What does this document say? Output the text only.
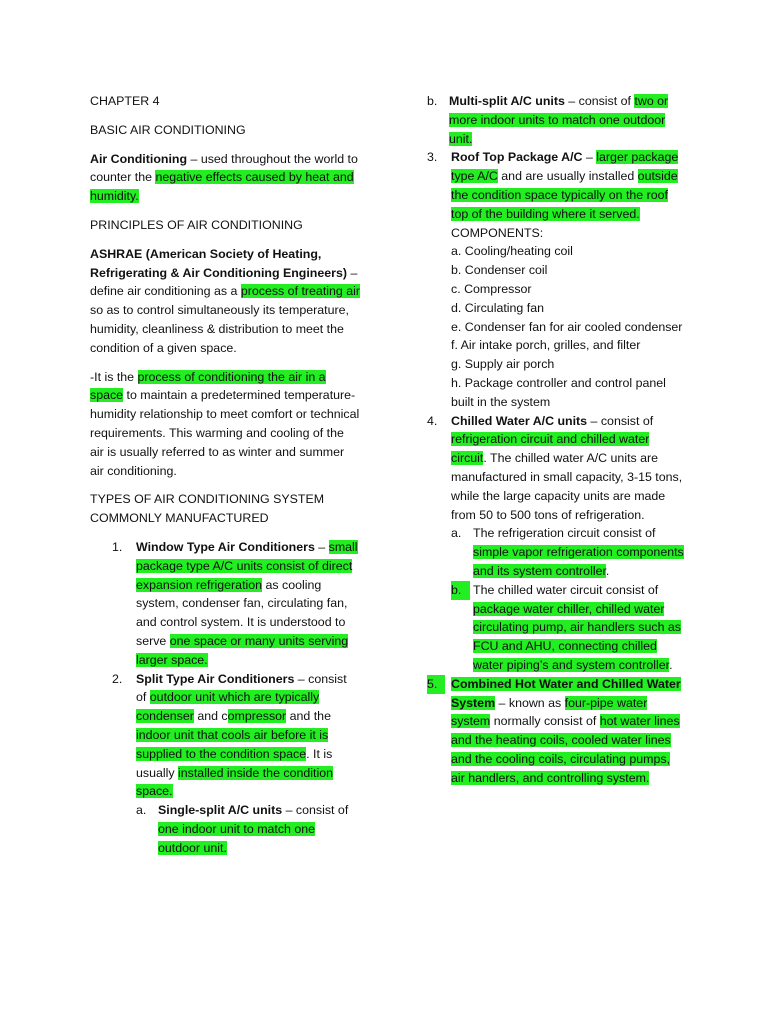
CHAPTER 4

BASIC AIR CONDITIONING

Air Conditioning – used throughout the world to counter the negative effects caused by heat and humidity.

PRINCIPLES OF AIR CONDITIONING

ASHRAE (American Society of Heating, Refrigerating & Air Conditioning Engineers) – define air conditioning as a process of treating air so as to control simultaneously its temperature, humidity, cleanliness & distribution to meet the condition of a given space.

-It is the process of conditioning the air in a space to maintain a predetermined temperature-humidity relationship to meet comfort or technical requirements. This warming and cooling of the air is usually referred to as winter and summer air conditioning.

TYPES OF AIR CONDITIONING SYSTEM COMMONLY MANUFACTURED

1. Window Type Air Conditioners – small package type A/C units consist of direct expansion refrigeration as cooling system, condenser fan, circulating fan, and control system. It is understood to serve one space or many units serving larger space.

2. Split Type Air Conditioners – consist of outdoor unit which are typically condenser and compressor and the indoor unit that cools air before it is supplied to the condition space. It is usually installed inside the condition space.

a. Single-split A/C units – consist of one indoor unit to match one outdoor unit.

b. Multi-split A/C units – consist of two or more indoor units to match one outdoor unit.

3. Roof Top Package A/C – larger package type A/C and are usually installed outside the condition space typically on the roof top of the building where it served.

COMPONENTS:

a. Cooling/heating coil

b. Condenser coil

c. Compressor

d. Circulating fan

e. Condenser fan for air cooled condenser

f. Air intake porch, grilles, and filter

g. Supply air porch

h. Package controller and control panel built in the system

4. Chilled Water A/C units – consist of refrigeration circuit and chilled water circuit. The chilled water A/C units are manufactured in small capacity, 3-15 tons, while the large capacity units are made from 50 to 500 tons of refrigeration.

a. The refrigeration circuit consist of simple vapor refrigeration components and its system controller.

b. The chilled water circuit consist of package water chiller, chilled water circulating pump, air handlers such as FCU and AHU, connecting chilled water piping’s and system controller.

5.	Combined Hot Water and Chilled Water System – known as four-pipe water system normally consist of hot water lines and the heating coils, cooled water lines and the cooling coils, circulating pumps, air handlers, and controlling system.
